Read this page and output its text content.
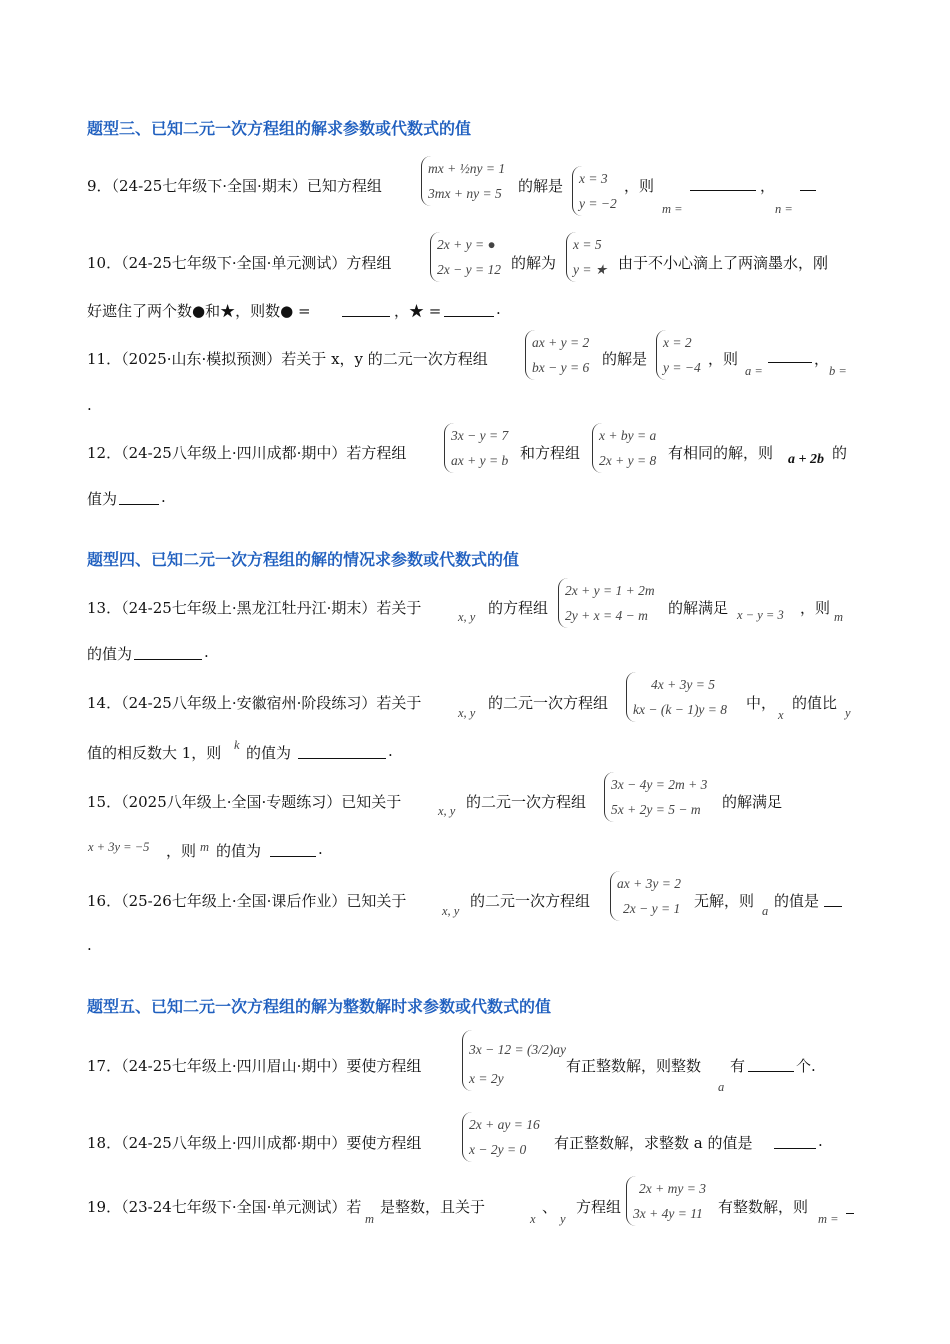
题型三、已知二元一次方程组的解求参数或代数式的值
9．（24-25七年级下·全国·期末）已知方程组
mx + ½ny = 1
3mx + ny = 5 的解是 x = 3
y = −2
，则
m =
，
n =
10．（24-25七年级下·全国·单元测试）方程组
2x + y = ●
2x − y = 12 的解为
x = 5
y = ★ 由于不小心滴上了两滴墨水，刚
好遮住了两个数●和★，则数● =	，★ =	.
11．（2025·山东·模拟预测）若关于 x，y 的二元一次方程组
ax + y = 2
bx − y = 6 的解是
x = 2
y = −4 ，则
a =
，
b =
.
12．（24-25八年级上·四川成都·期中）若方程组
3x − y = 7
ax + y = b 和方程组
x + by = a
2x + y = 8 有相同的解，则 a + 2b 的
值为	.
题型四、已知二元一次方程组的解的情况求参数或代数式的值
13．（24-25七年级上·黑龙江牡丹江·期末）若关于	x, y 的方程组
2x + y = 1 + 2m
2y + x = 4 − m	的解满足 x − y = 3 ，则 m
的值为	.
14．（24-25八年级上·安徽宿州·阶段练习）若关于
x, y
的二元一次方程组
4x + 3y = 5
kx − (k − 1)y = 8 中，
x
的值比
y
值的相反数大 1，则 k 的值为	.
15．（2025八年级上·全国·专题练习）已知关于	x, y 的二元一次方程组
3x − 4y = 2m + 3
5x + 2y = 5 − m	的解满足
x + 3y = −5 ，则 m 的值为	.
16．（25-26七年级上·全国·课后作业）已知关于
x, y
的二元一次方程组
ax + 3y = 2
2x − y = 1 无解，则
a
的值是
.
题型五、已知二元一次方程组的解为整数解时求参数或代数式的值
17．（24-25七年级上·四川眉山·期中）要使方程组
3x − 12 = (3/2)ay
x = 2y
有正整数解，则整数
a
有	个.
18．（24-25八年级上·四川成都·期中）要使方程组
2x + ay = 16
x − 2y = 0	有正整数解，求整数 a 的值是	.
19．（23-24七年级下·全国·单元测试）若
m
是整数，且关于
x
、
y
方程组
2x + my = 3
3x + 4y = 11 有整数解，则
m =
